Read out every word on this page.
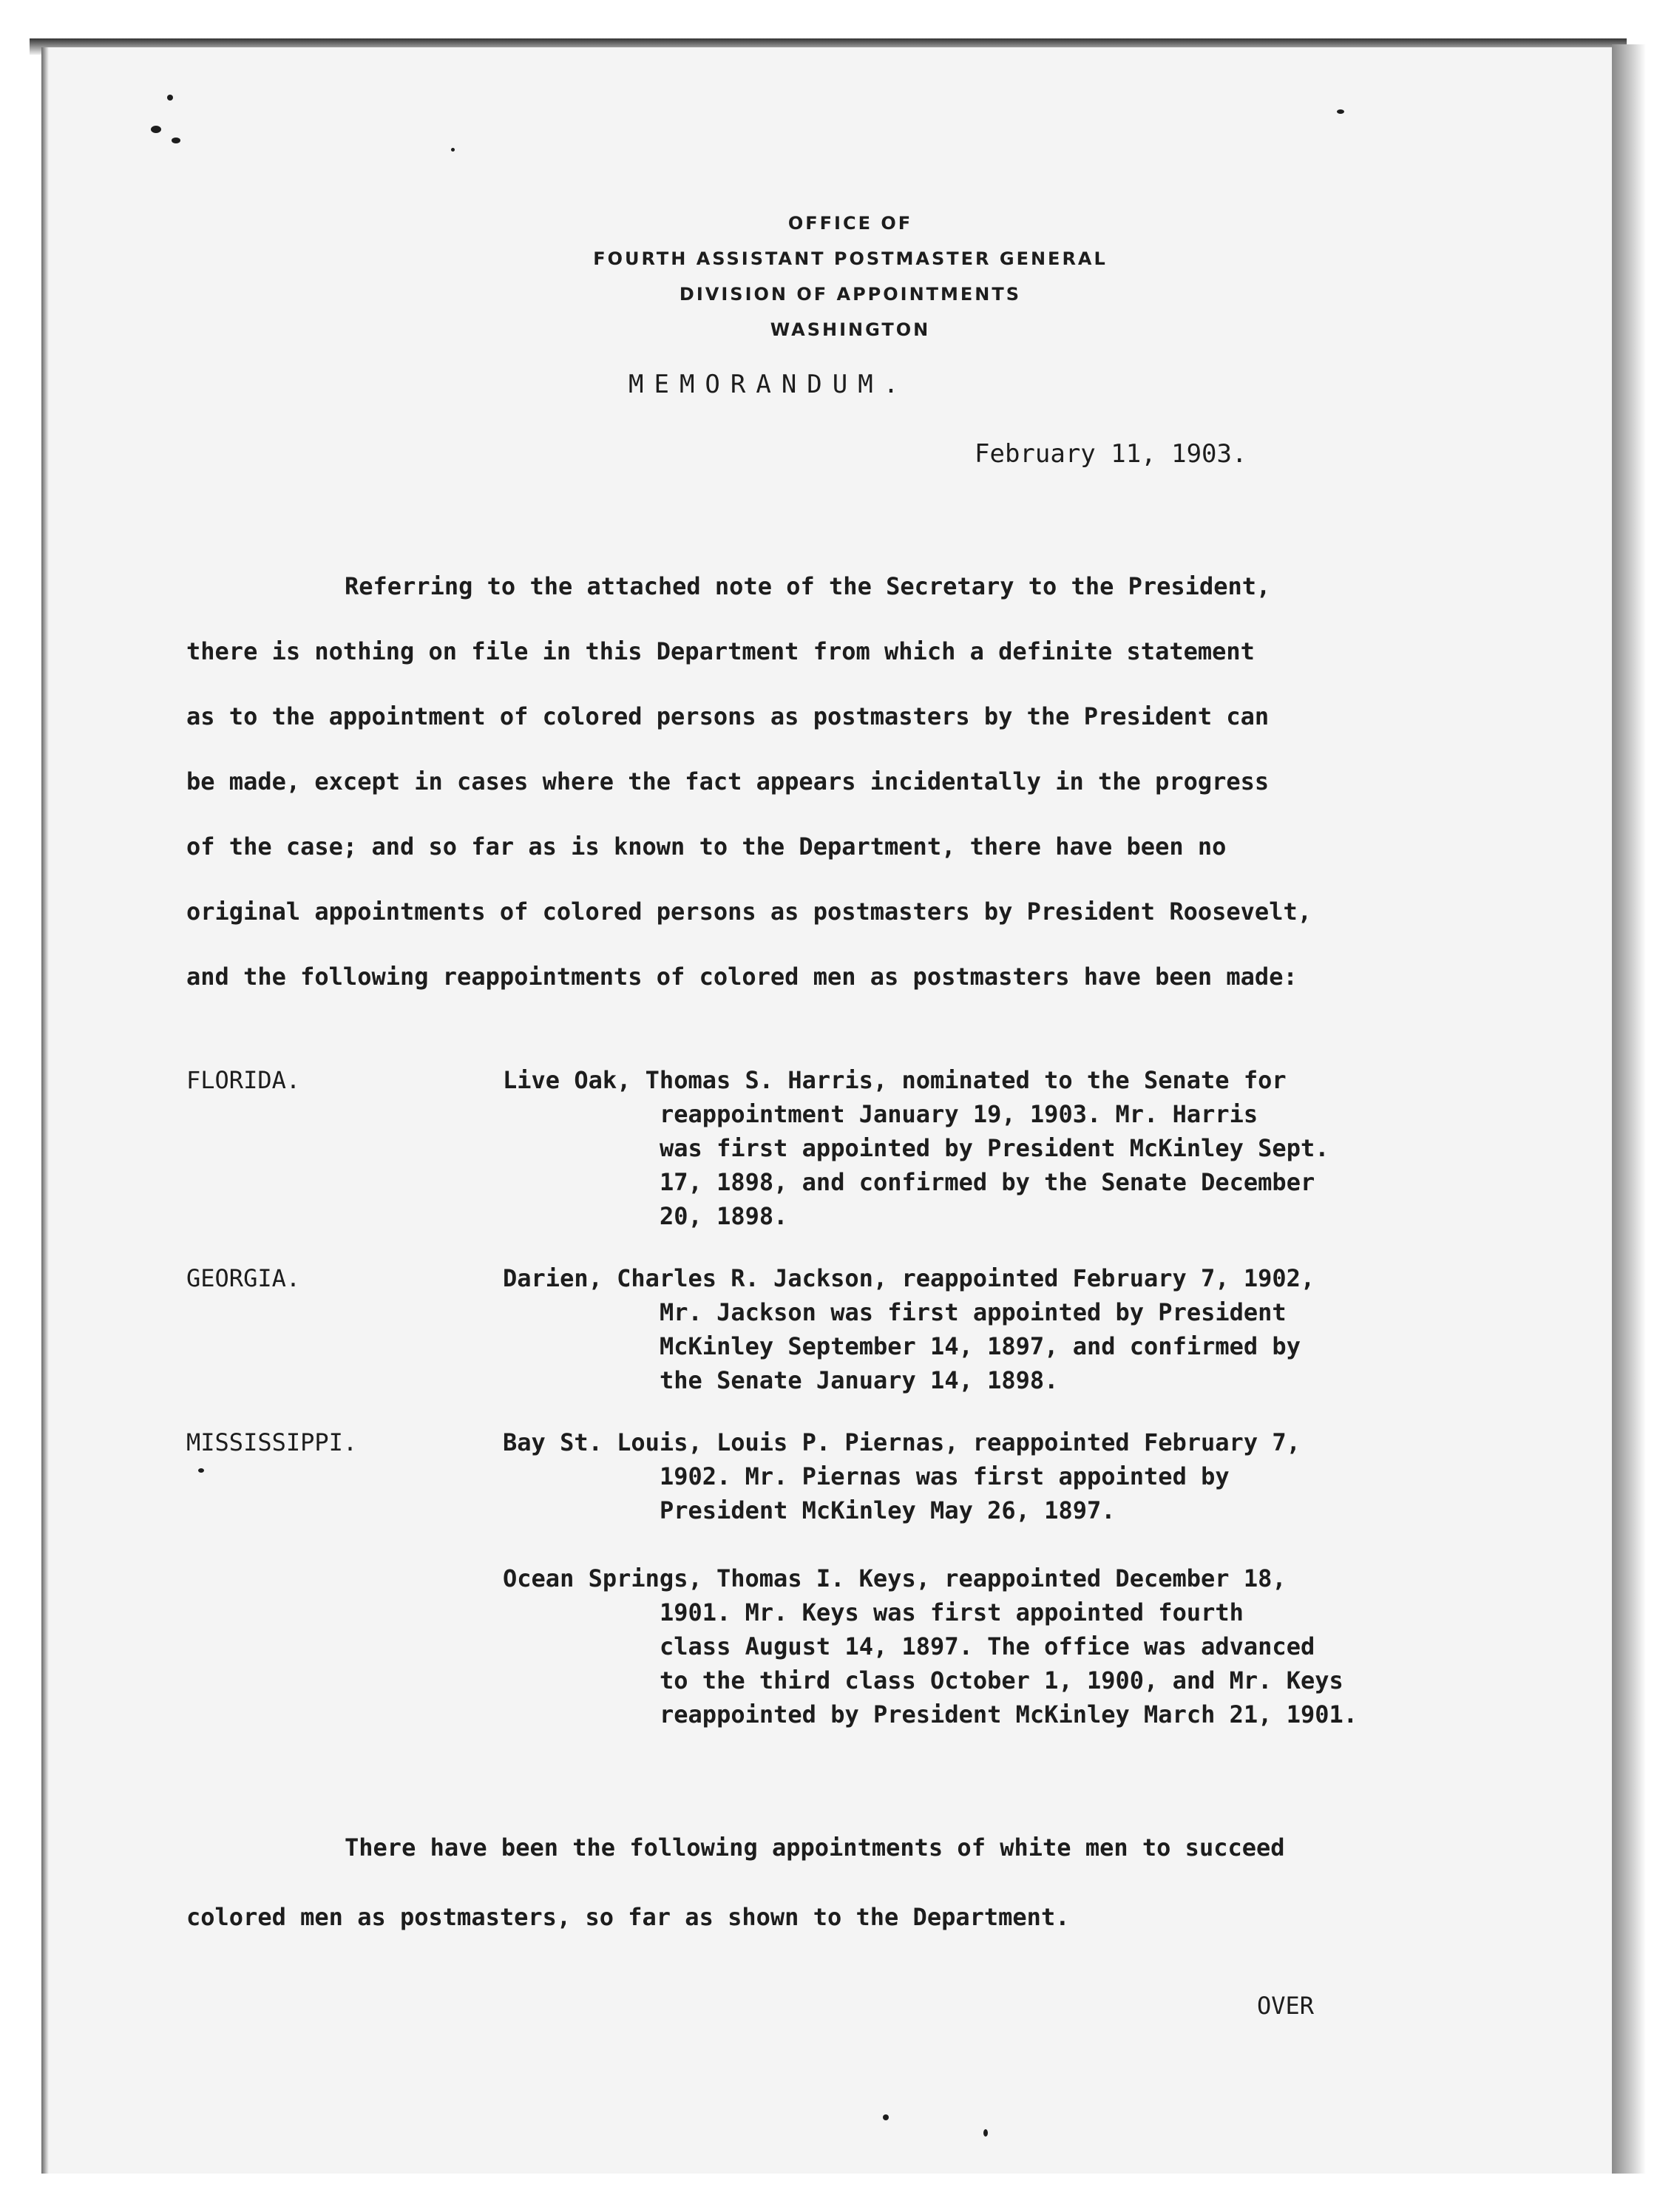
OFFICE OF
FOURTH ASSISTANT POSTMASTER GENERAL
DIVISION OF APPOINTMENTS
WASHINGTON
MEMORANDUM.
February 11, 1903.
Referring to the attached note of the Secretary to the President,
there is nothing on file in this Department from which a definite statement
as to the appointment of colored persons as postmasters by the President can
be made, except in cases where the fact appears incidentally in the progress
of the case; and so far as is known to the Department, there have been no
original appointments of colored persons as postmasters by President Roosevelt,
and the following reappointments of colored men as postmasters have been made:
FLORIDA.	Live Oak, Thomas S. Harris, nominated to the Senate for
reappointment January 19, 1903. Mr. Harris
was first appointed by President McKinley Sept.
17, 1898, and confirmed by the Senate December
20, 1898.
GEORGIA.	Darien, Charles R. Jackson, reappointed February 7, 1902,
Mr. Jackson was first appointed by President
McKinley September 14, 1897, and confirmed by
the Senate January 14, 1898.
MISSISSIPPI.	Bay St. Louis, Louis P. Piernas, reappointed February 7,
1902. Mr. Piernas was first appointed by
President McKinley May 26, 1897.
Ocean Springs, Thomas I. Keys, reappointed December 18,
1901. Mr. Keys was first appointed fourth
class August 14, 1897. The office was advanced
to the third class October 1, 1900, and Mr. Keys
reappointed by President McKinley March 21, 1901.
There have been the following appointments of white men to succeed
colored men as postmasters, so far as shown to the Department.
OVER
